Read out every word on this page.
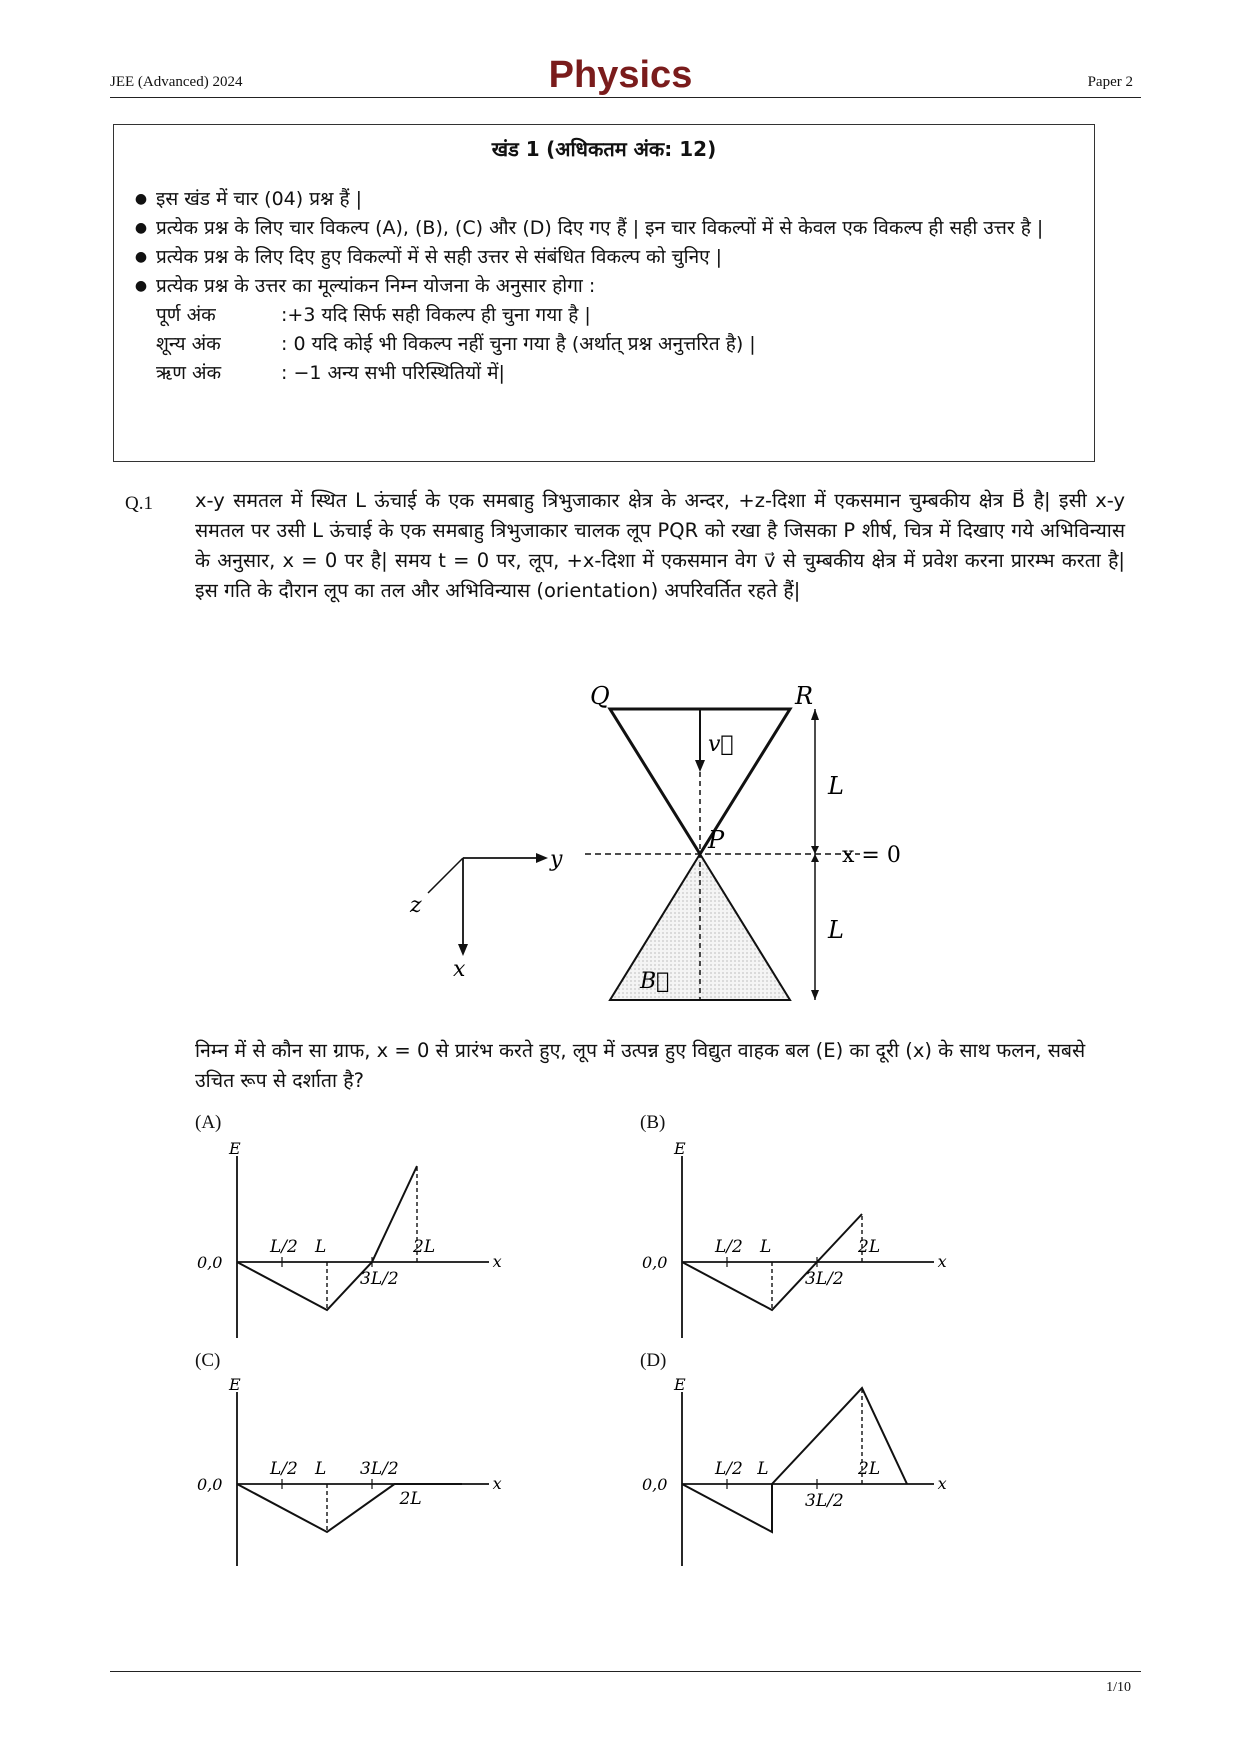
JEE (Advanced) 2024	Physics	Paper 2
खंड 1 (अधिकतम अंक: 12)
● इस खंड में चार (04) प्रश्न हैं |
● प्रत्येक प्रश्न के लिए चार विकल्प (A), (B), (C) और (D) दिए गए हैं | इन चार विकल्पों में से केवल एक विकल्प ही सही उत्तर है |
● प्रत्येक प्रश्न के लिए दिए हुए विकल्पों में से सही उत्तर से संबंधित विकल्प को चुनिए |
● प्रत्येक प्रश्न के उत्तर का मूल्यांकन निम्न योजना के अनुसार होगा :
पूर्ण अंक	:+3 यदि सिर्फ सही विकल्प ही चुना गया है |
शून्य अंक	: 0 यदि कोई भी विकल्प नहीं चुना गया है (अर्थात् प्रश्न अनुत्तरित है) |
ऋण अंक	: −1 अन्य सभी परिस्थितियों में|
Q.1 x-y समतल में स्थित L ऊंचाई के एक समबाहु त्रिभुजाकार क्षेत्र के अन्दर, +z-दिशा में एकसमान चुम्बकीय क्षेत्र B⃗ है| इसी x-y समतल पर उसी L ऊंचाई के एक समबाहु त्रिभुजाकार चालक लूप PQR को रखा है जिसका P शीर्ष, चित्र में दिखाए गये अभिविन्यास के अनुसार, x = 0 पर है| समय t = 0 पर, लूप, +x-दिशा में एकसमान वेग v⃗ से चुम्बकीय क्षेत्र में प्रवेश करना प्रारम्भ करता है| इस गति के दौरान लूप का तल और अभिविन्यास (orientation) अपरिवर्तित रहते हैं|
Q	R
P
v⃗
L
L
x = 0
y
z
x	B⃗
निम्न में से कौन सा ग्राफ, x = 0 से प्रारंभ करते हुए, लूप में उत्पन्न हुए विद्युत वाहक बल (E) का दूरी (x) के साथ फलन, सबसे उचित रूप से दर्शाता है?
(A)	(B)
(C)	(D)
E
x
0,0
L/2 L
3L/2
2L
E
x
0,0
L/2 L
3L/2
2L
E
x
0,0
L/2 L 3L/2
2L
E
x
0,0
L/2 L
3L/2
2L
1/10
